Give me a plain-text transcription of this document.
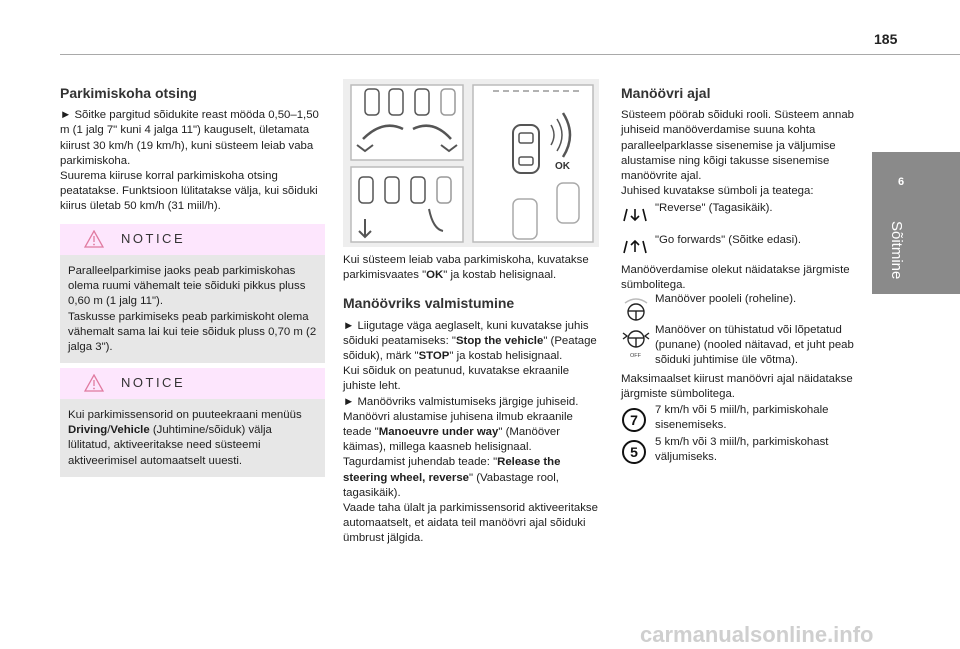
185
6
Sõitmine
Parkimiskoha otsing

► Sõitke pargitud sõidukite reast mööda 0,50–1,50 m (1 jalg 7" kuni 4 jalga 11") kauguselt, ületamata kiirust 30 km/h (19 km/h), kuni süsteem leiab vaba parkimiskoha.

Suurema kiiruse korral parkimiskoha otsing peatatakse. Funktsioon lülitatakse välja, kui sõiduki kiirus ületab 50 km/h (31 miil/h).

NOTICE

Paralleelparkimise jaoks peab parkimiskohas olema ruumi vähemalt teie sõiduki pikkus pluss 0,60 m (1 jalg 11").

Taskusse parkimiseks peab parkimiskoht olema vähemalt sama lai kui teie sõiduk pluss 0,70 m (2 jalga 3").

NOTICE
Kui parkimissensorid on puuteekraani menüüs Driving/Vehicle (Juhtimine/sõiduk) välja lülitatud, aktiveeritakse need süsteemi aktiveerimisel automaatselt uuesti.
OK

Kui süsteem leiab vaba parkimiskoha, kuvatakse parkimisvaates "OK" ja kostab helisignaal.

Manöövriks valmistumine

► Liigutage väga aeglaselt, kuni kuvatakse juhis sõiduki peatamiseks: "Stop the vehicle" (Peatage sõiduk), märk "STOP" ja kostab helisignaal.

Kui sõiduk on peatunud, kuvatakse ekraanile juhiste leht.

► Manöövriks valmistumiseks järgige juhiseid.

Manöövri alustamise juhisena ilmub ekraanile teade "Manoeuvre under way" (Manööver käimas), millega kaasneb helisignaal.

Tagurdamist juhendab teade: "Release the steering wheel, reverse" (Vabastage rool, tagasikäik).

Vaade taha ülalt ja parkimissensorid aktiveeritakse automaatselt, et aidata teil manöövri ajal sõiduki ümbrust jälgida.

Manöövri ajal

Süsteem pöörab sõiduki rooli. Süsteem annab juhiseid manööverdamise suuna kohta paralleelparklasse sisenemise ja väljumise alustamise ning kõigi takusse sisenemise manöövrite ajal.

Juhised kuvatakse sümboli ja teatega:

"Reverse" (Tagasikäik).
"Go forwards" (Sõitke edasi).

Manööverdamise olekut näidatakse järgmiste sümbolitega.

Manööver pooleli (roheline).
OFF
Manööver on tühistatud või lõpetatud (punane) (nooled näitavad, et juht peab sõiduki juhtimise üle võtma).

Maksimaalset kiirust manöövri ajal näidatakse järgmiste sümbolitega.

7
7 km/h või 5 miil/h, parkimiskohale sisenemiseks.
5
5 km/h või 3 miil/h, parkimiskohast väljumiseks.
carmanualsonline.info
